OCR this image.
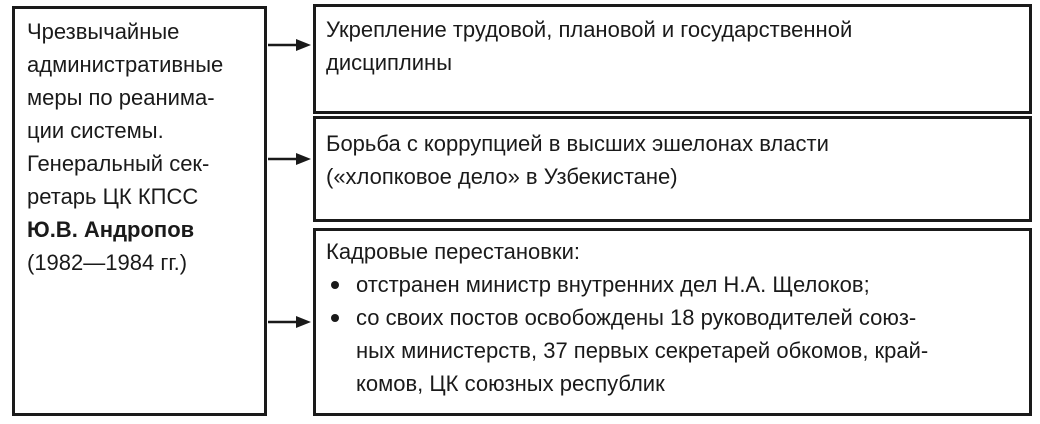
Чрезвычайные
административные
меры по реанима-
ции системы.
Генеральный сек-
ретарь ЦК КПСС
Ю.В. Андропов
(1982—1984 гг.)
Укрепление трудовой, плановой и государственной
дисциплины
Борьба с коррупцией в высших эшелонах власти
(«хлопковое дело» в Узбекистане)
Кадровые перестановки:
отстранен министр внутренних дел Н.А. Щелоков;
со своих постов освобождены 18 руководителей союз-
ных министерств, 37 первых секретарей обкомов, край-
комов, ЦК союзных республик
